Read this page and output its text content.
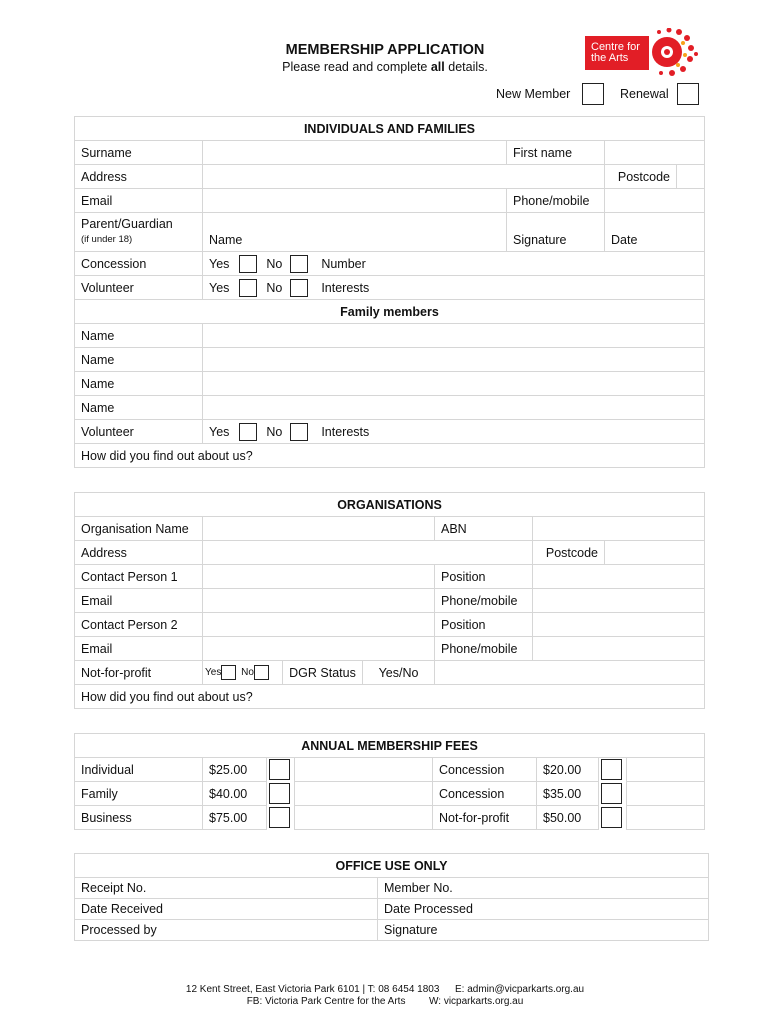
Centre for
the Arts
MEMBERSHIP APPLICATION
Please read and complete all details.
New Member	Renewal
INDIVIDUALS AND FAMILIES				
Surname		First name		
Address			Postcode	
Email		Phone/mobile		

Parent/Guardian
(if under 18)	Name	Signature	Date	
Concession	Yes No Number			
Volunteer	Yes No Interests			
Family members				
Name				
Name				
Name				
Name				
Volunteer	Yes No Interests			
How did you find out about us?				
ORGANISATIONS						
Organisation Name				ABN		
Address					Postcode	
Contact Person 1				Position		
Email				Phone/mobile		
Contact Person 2				Position		
Email				Phone/mobile		
Not-for-profit	Yes No	DGR Status	Yes/No			
How did you find out about us?						
ANNUAL MEMBERSHIP FEES							
Individual	$25.00			Concession	$20.00		
Family	$40.00			Concession	$35.00		
Business	$75.00			Not-for-profit	$50.00		
OFFICE USE ONLY	
Receipt No.	Member No.
Date Received	Date Processed
Processed by	Signature
12 Kent Street, East Victoria Park 6101 | T: 08 6454 1803 E: admin@vicparkarts.org.au
FB: Victoria Park Centre for the Arts W: vicparkarts.org.au
